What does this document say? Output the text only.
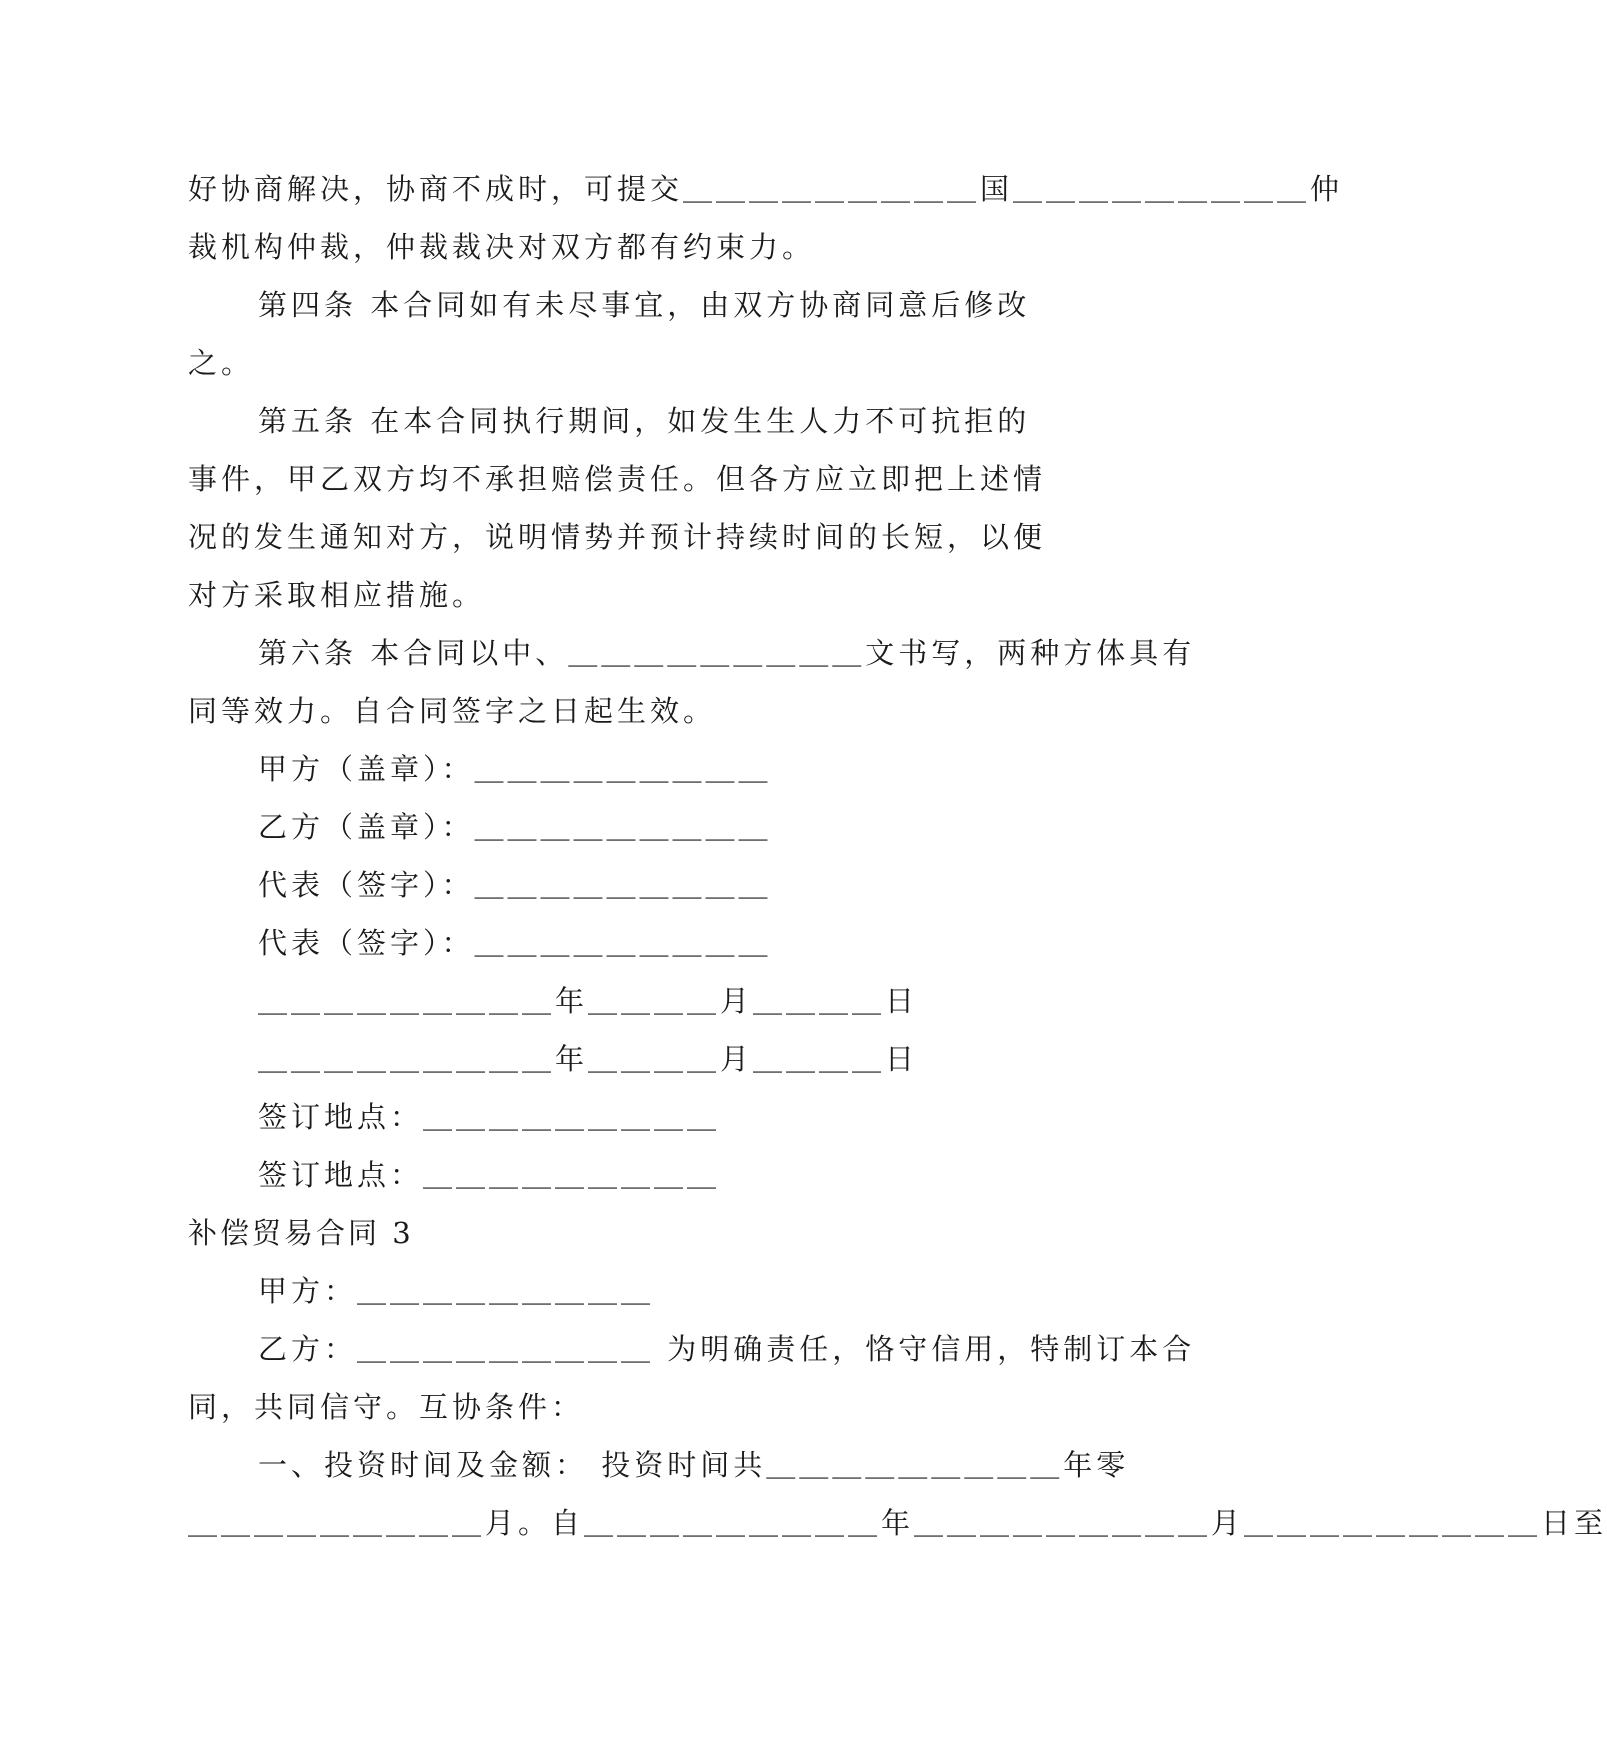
好协商解决，协商不成时，可提交＿＿＿＿＿＿＿＿＿国＿＿＿＿＿＿＿＿＿仲
裁机构仲裁，仲裁裁决对双方都有约束力。
第四条 本合同如有未尽事宜，由双方协商同意后修改
之。
第五条 在本合同执行期间，如发生生人力不可抗拒的
事件，甲乙双方均不承担赔偿责任。但各方应立即把上述情
况的发生通知对方，说明情势并预计持续时间的长短，以便
对方采取相应措施。
第六条 本合同以中、＿＿＿＿＿＿＿＿＿文书写，两种方体具有
同等效力。自合同签字之日起生效。
甲方（盖章）：＿＿＿＿＿＿＿＿＿
乙方（盖章）：＿＿＿＿＿＿＿＿＿
代表（签字）：＿＿＿＿＿＿＿＿＿
代表（签字）：＿＿＿＿＿＿＿＿＿
＿＿＿＿＿＿＿＿＿年＿＿＿＿月＿＿＿＿日
＿＿＿＿＿＿＿＿＿年＿＿＿＿月＿＿＿＿日
签订地点：＿＿＿＿＿＿＿＿＿
签订地点：＿＿＿＿＿＿＿＿＿
补偿贸易合同 3
甲方：＿＿＿＿＿＿＿＿＿
乙方：＿＿＿＿＿＿＿＿＿ 为明确责任，恪守信用，特制订本合
同，共同信守。互协条件：
一、投资时间及金额： 投资时间共＿＿＿＿＿＿＿＿＿年零
＿＿＿＿＿＿＿＿＿月。自＿＿＿＿＿＿＿＿＿年＿＿＿＿＿＿＿＿＿月＿＿＿＿＿＿＿＿＿日至
